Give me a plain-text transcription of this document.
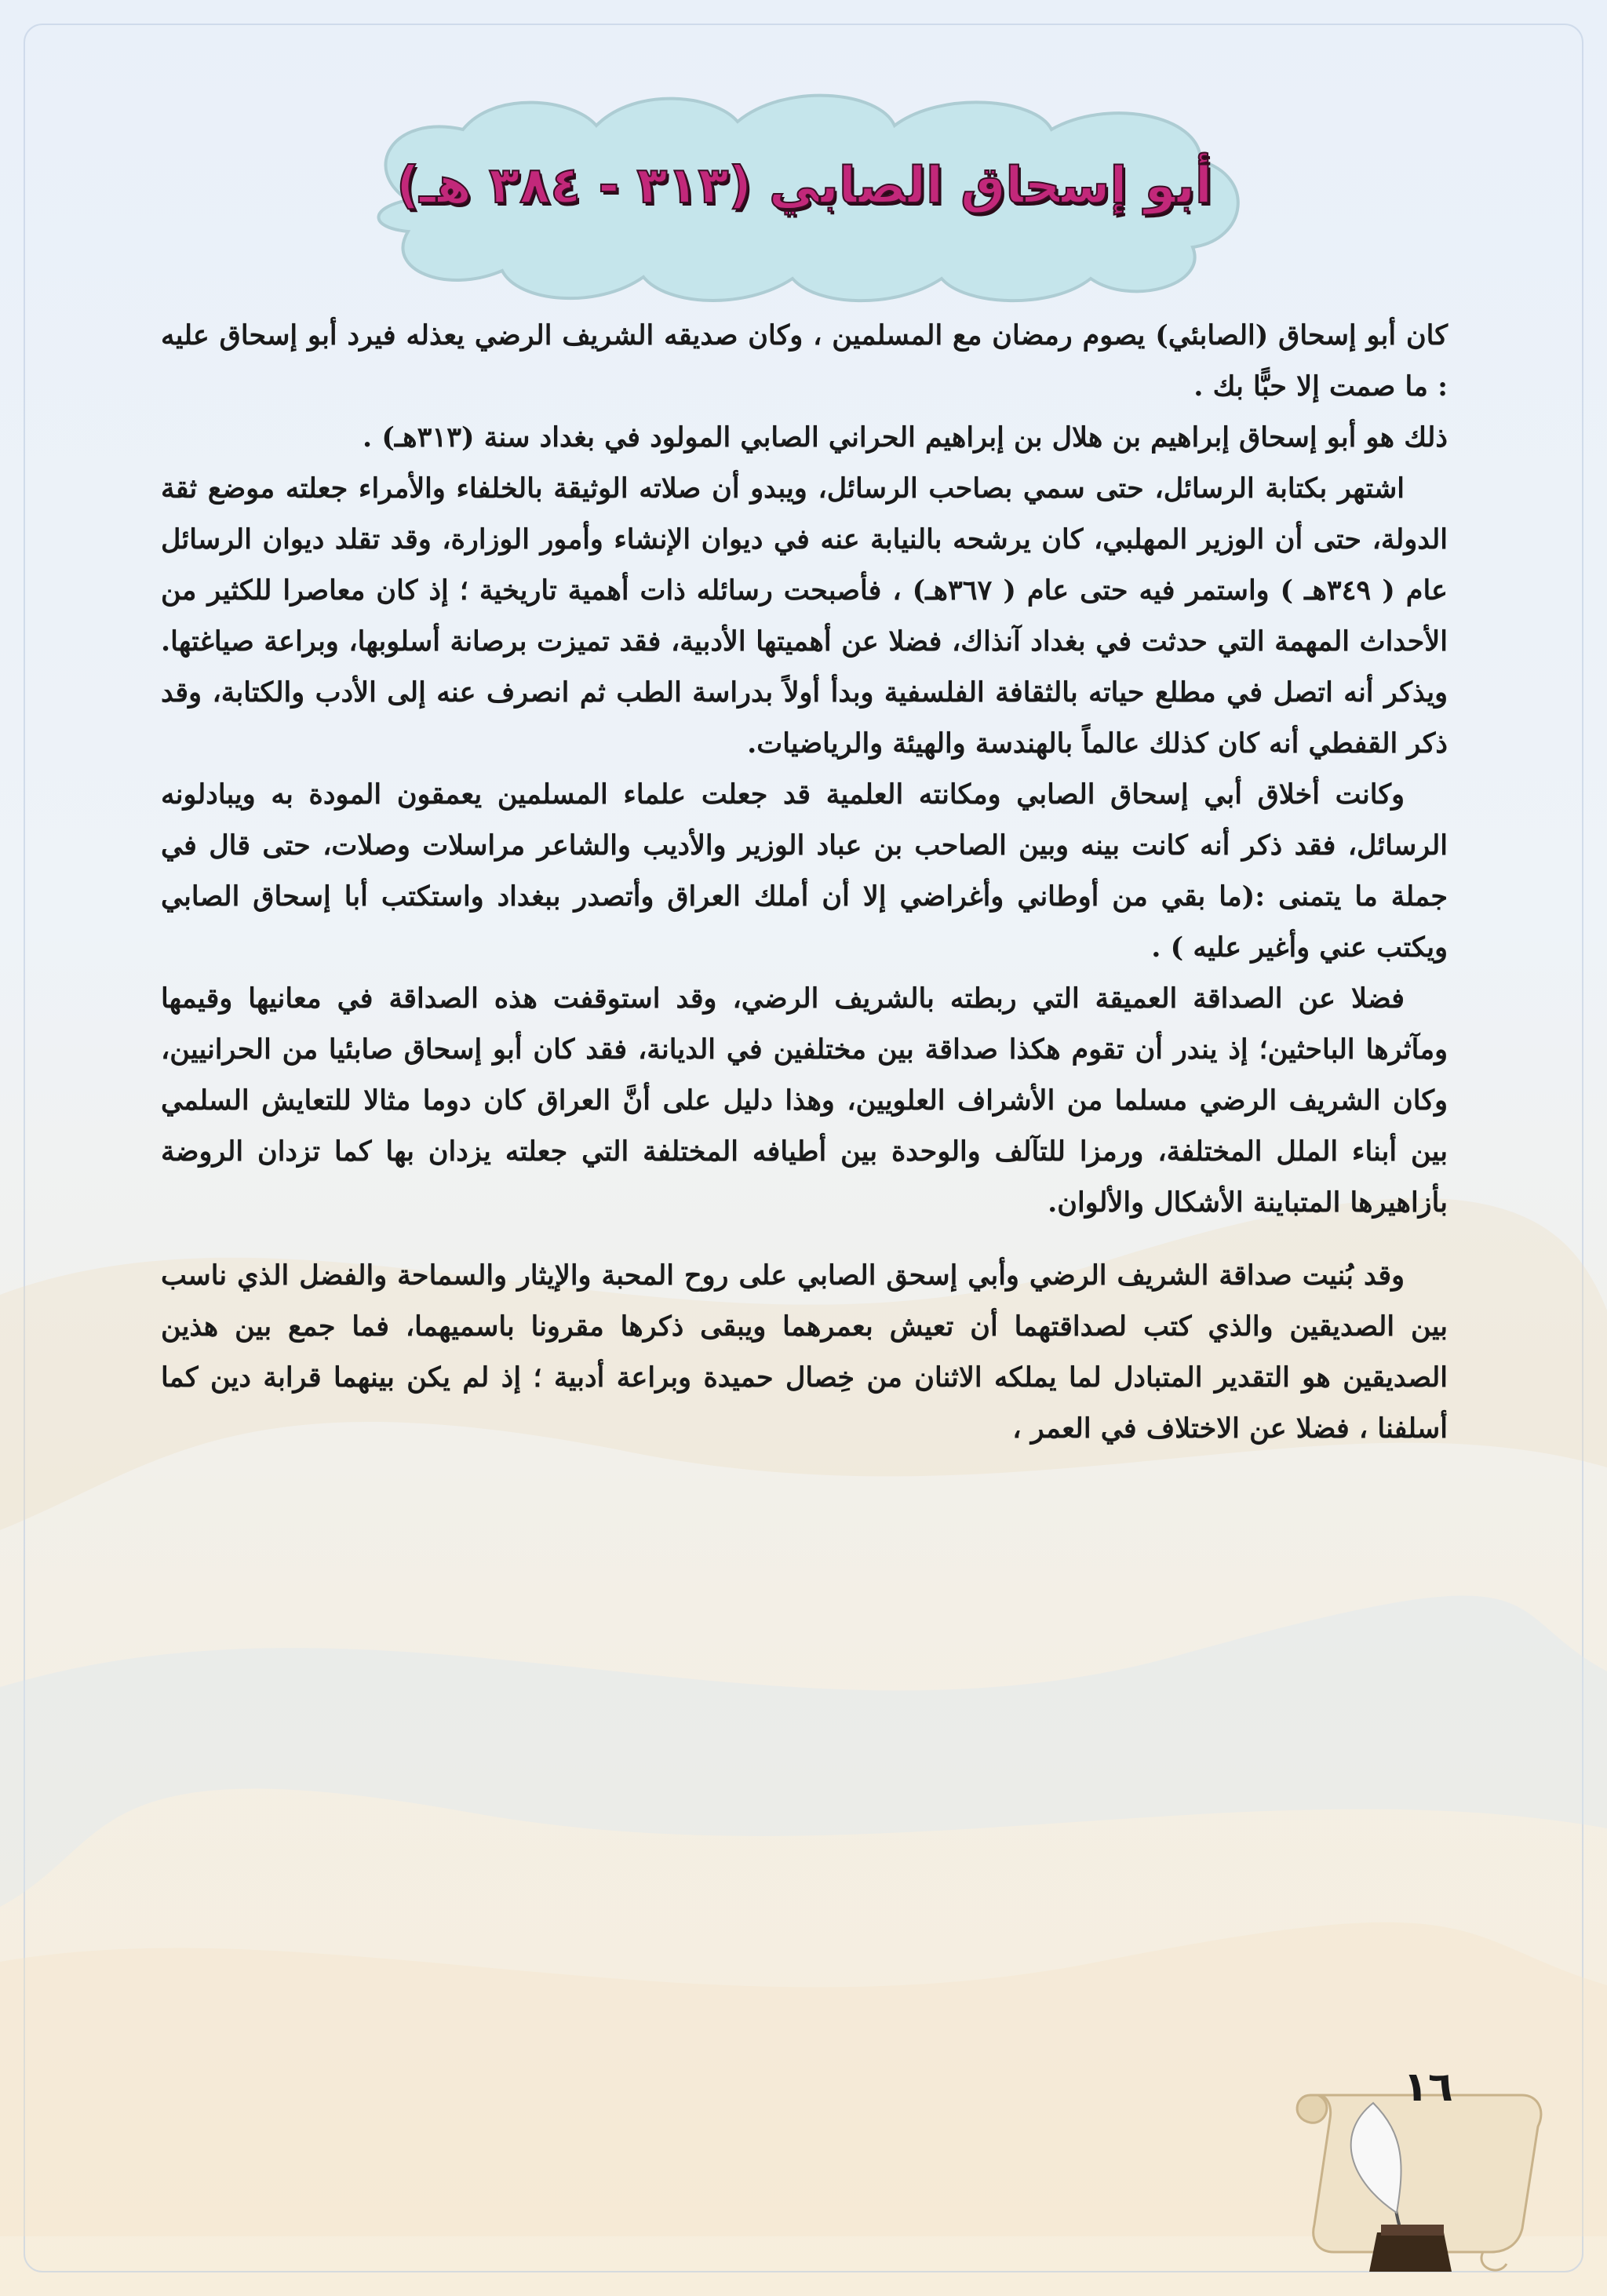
أبو إسحاق الصابي (٣١٣ - ٣٨٤ هـ)

كان أبو إسحاق (الصابئي) يصوم رمضان مع المسلمين ، وكان صديقه الشريف الرضي يعذله فيرد أبو إسحاق عليه : ما صمت إلا حبًّا بك .

ذلك هو أبو إسحاق إبراهيم بن هلال بن إبراهيم الحراني الصابي المولود في بغداد سنة (٣١٣هـ) .

اشتهر بكتابة الرسائل، حتى سمي بصاحب الرسائل، ويبدو أن صلاته الوثيقة بالخلفاء والأمراء جعلته موضع ثقة الدولة، حتى أن الوزير المهلبي، كان يرشحه بالنيابة عنه في ديوان الإنشاء وأمور الوزارة، وقد تقلد ديوان الرسائل عام ( ٣٤٩هـ ) واستمر فيه حتى عام ( ٣٦٧هـ) ، فأصبحت رسائله ذات أهمية تاريخية ؛ إذ كان معاصرا للكثير من الأحداث المهمة التي حدثت في بغداد آنذاك، فضلا عن أهميتها الأدبية، فقد تميزت برصانة أسلوبها، وبراعة صياغتها. ويذكر أنه اتصل في مطلع حياته بالثقافة الفلسفية وبدأ أولاً بدراسة الطب ثم انصرف عنه إلى الأدب والكتابة، وقد ذكر القفطي أنه كان كذلك عالماً بالهندسة والهيئة والرياضيات.

وكانت أخلاق أبي إسحاق الصابي ومكانته العلمية قد جعلت علماء المسلمين يعمقون المودة به ويبادلونه الرسائل، فقد ذكر أنه كانت بينه وبين الصاحب بن عباد الوزير والأديب والشاعر مراسلات وصلات، حتى قال في جملة ما يتمنى :(ما بقي من أوطاني وأغراضي إلا أن أملك العراق وأتصدر ببغداد واستكتب أبا إسحاق الصابي ويكتب عني وأغير عليه ) .

فضلا عن الصداقة العميقة التي ربطته بالشريف الرضي، وقد استوقفت هذه الصداقة في معانيها وقيمها ومآثرها الباحثين؛ إذ يندر أن تقوم هكذا صداقة بين مختلفين في الديانة، فقد كان أبو إسحاق صابئيا من الحرانيين، وكان الشريف الرضي مسلما من الأشراف العلويين، وهذا دليل على أنَّ العراق كان دوما مثالا للتعايش السلمي بين أبناء الملل المختلفة، ورمزا للتآلف والوحدة بين أطيافه المختلفة التي جعلته يزدان بها كما تزدان الروضة بأزاهيرها المتباينة الأشكال والألوان.

وقد بُنيت صداقة الشريف الرضي وأبي إسحق الصابي على روح المحبة والإيثار والسماحة والفضل الذي ناسب بين الصديقين والذي كتب لصداقتهما أن تعيش بعمرهما ويبقى ذكرها مقرونا باسميهما، فما جمع بين هذين الصديقين هو التقدير المتبادل لما يملكه الاثنان من خِصال حميدة وبراعة أدبية ؛ إذ لم يكن بينهما قرابة دين كما أسلفنا ، فضلا عن الاختلاف في العمر ،

١٦
